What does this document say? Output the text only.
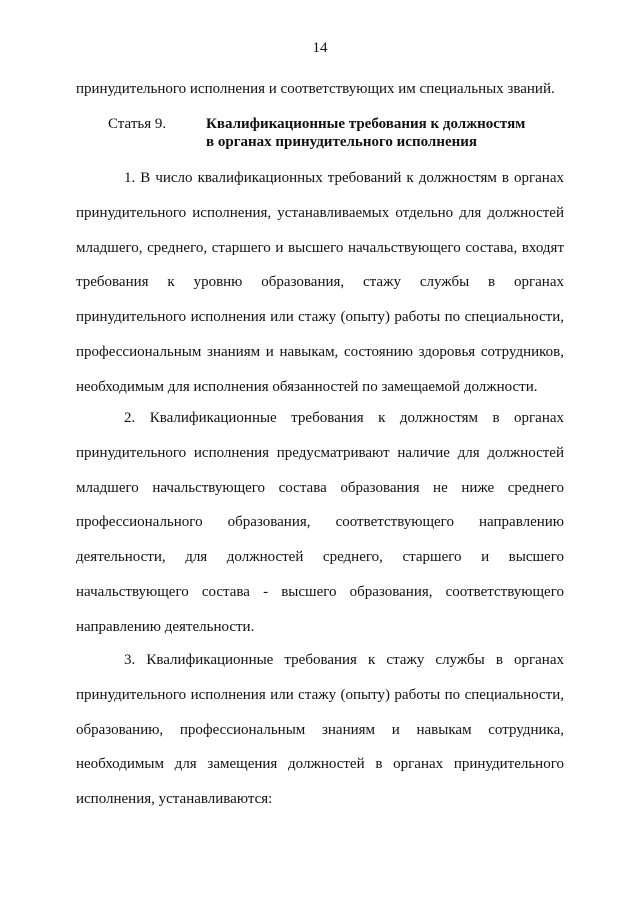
14
принудительного исполнения и соответствующих им специальных званий.
Статья 9.	Квалификационные требования к должностям
в органах принудительного исполнения
1. В число квалификационных требований к должностям в органах
принудительного исполнения, устанавливаемых отдельно для должностей
младшего, среднего, старшего и высшего начальствующего состава, входят
требования к уровню образования, стажу службы в органах
принудительного исполнения или стажу (опыту) работы по специальности,
профессиональным знаниям и навыкам, состоянию здоровья сотрудников,
необходимым для исполнения обязанностей по замещаемой должности.
2. Квалификационные требования к должностям в органах
принудительного исполнения предусматривают наличие для должностей
младшего начальствующего состава образования не ниже среднего
профессионального образования, соответствующего направлению
деятельности, для должностей среднего, старшего и высшего
начальствующего состава - высшего образования, соответствующего
направлению деятельности.
3. Квалификационные требования к стажу службы в органах
принудительного исполнения или стажу (опыту) работы по специальности,
образованию, профессиональным знаниям и навыкам сотрудника,
необходимым для замещения должностей в органах принудительного
исполнения, устанавливаются:
